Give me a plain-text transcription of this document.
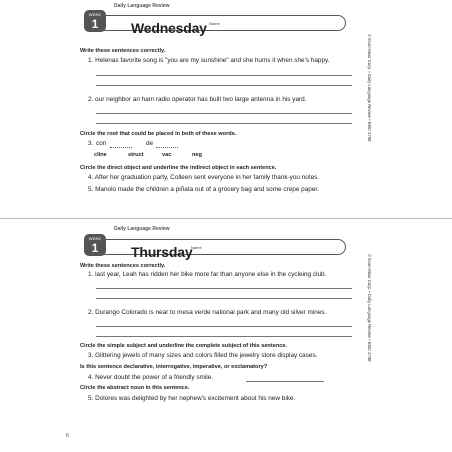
Daily Language Review
Wednesday Name
WEEK
1
Write these sentences correctly.
1. Helenas favorite song is "you are my sunshine" and she hums it when she's happy.
2. our neighbor an ham radio operator has built two large antenna in his yard.
Circle the root that could be placed in both of these words.
3. con	de
cline	struct	vac	neg
Circle the direct object and underline the indirect object in each sentence.
4. After her graduation party, Colleen sent everyone in her family thank-you notes.
5. Manolo made the children a piñata out of a grocery bag and some crepe paper.
© Evan-Moor Corp. • Daily Language Review • EMC 2798
Daily Language Review
Thursday
Name
WEEK
1
Write these sentences correctly.
1. last year, Leah has ridden her bike more far than anyone else in the cycleing club.
2. Durango Colorado is near to mesa verde national park and many old silver mines.
Circle the simple subject and underline the complete subject of this sentence.
3. Glittering jewels of many sizes and colors filled the jewelry store display cases.
Is this sentence declarative, interrogative, imperative, or exclamatory?
4. Never doubt the power of a friendly smile.
Circle the abstract noun in this sentence.
5. Dolores was delighted by her nephew's excitement about his new bike.
© Evan-Moor Corp. • Daily Language Review • EMC 2798
6
